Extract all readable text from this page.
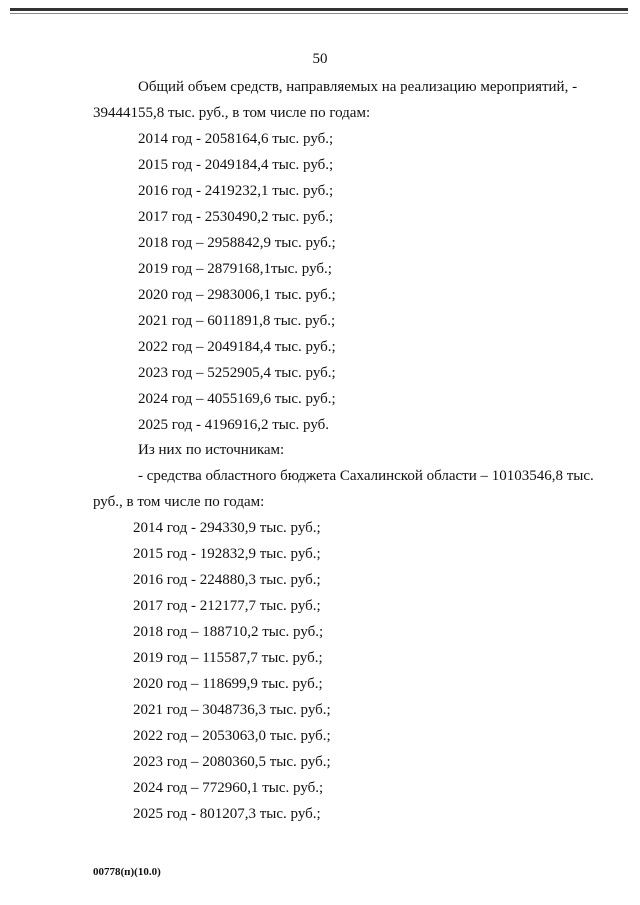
50
Общий объем средств, направляемых на реализацию мероприятий, -
39444155,8 тыс. руб., в том числе по годам:
2014 год - 2058164,6 тыс. руб.;
2015 год - 2049184,4 тыс. руб.;
2016 год - 2419232,1 тыс. руб.;
2017 год - 2530490,2 тыс. руб.;
2018 год – 2958842,9 тыс. руб.;
2019 год – 2879168,1тыс. руб.;
2020 год – 2983006,1 тыс. руб.;
2021 год – 6011891,8 тыс. руб.;
2022 год – 2049184,4 тыс. руб.;
2023 год – 5252905,4 тыс. руб.;
2024 год – 4055169,6 тыс. руб.;
2025 год - 4196916,2 тыс. руб.
Из них по источникам:
- средства областного бюджета Сахалинской области – 10103546,8 тыс.
руб., в том числе по годам:
2014 год - 294330,9 тыс. руб.;
2015 год - 192832,9 тыс. руб.;
2016 год - 224880,3 тыс. руб.;
2017 год - 212177,7 тыс. руб.;
2018 год – 188710,2 тыс. руб.;
2019 год – 115587,7 тыс. руб.;
2020 год – 118699,9 тыс. руб.;
2021 год – 3048736,3 тыс. руб.;
2022 год – 2053063,0 тыс. руб.;
2023 год – 2080360,5 тыс. руб.;
2024 год – 772960,1 тыс. руб.;
2025 год - 801207,3 тыс. руб.;
00778(п)(10.0)
